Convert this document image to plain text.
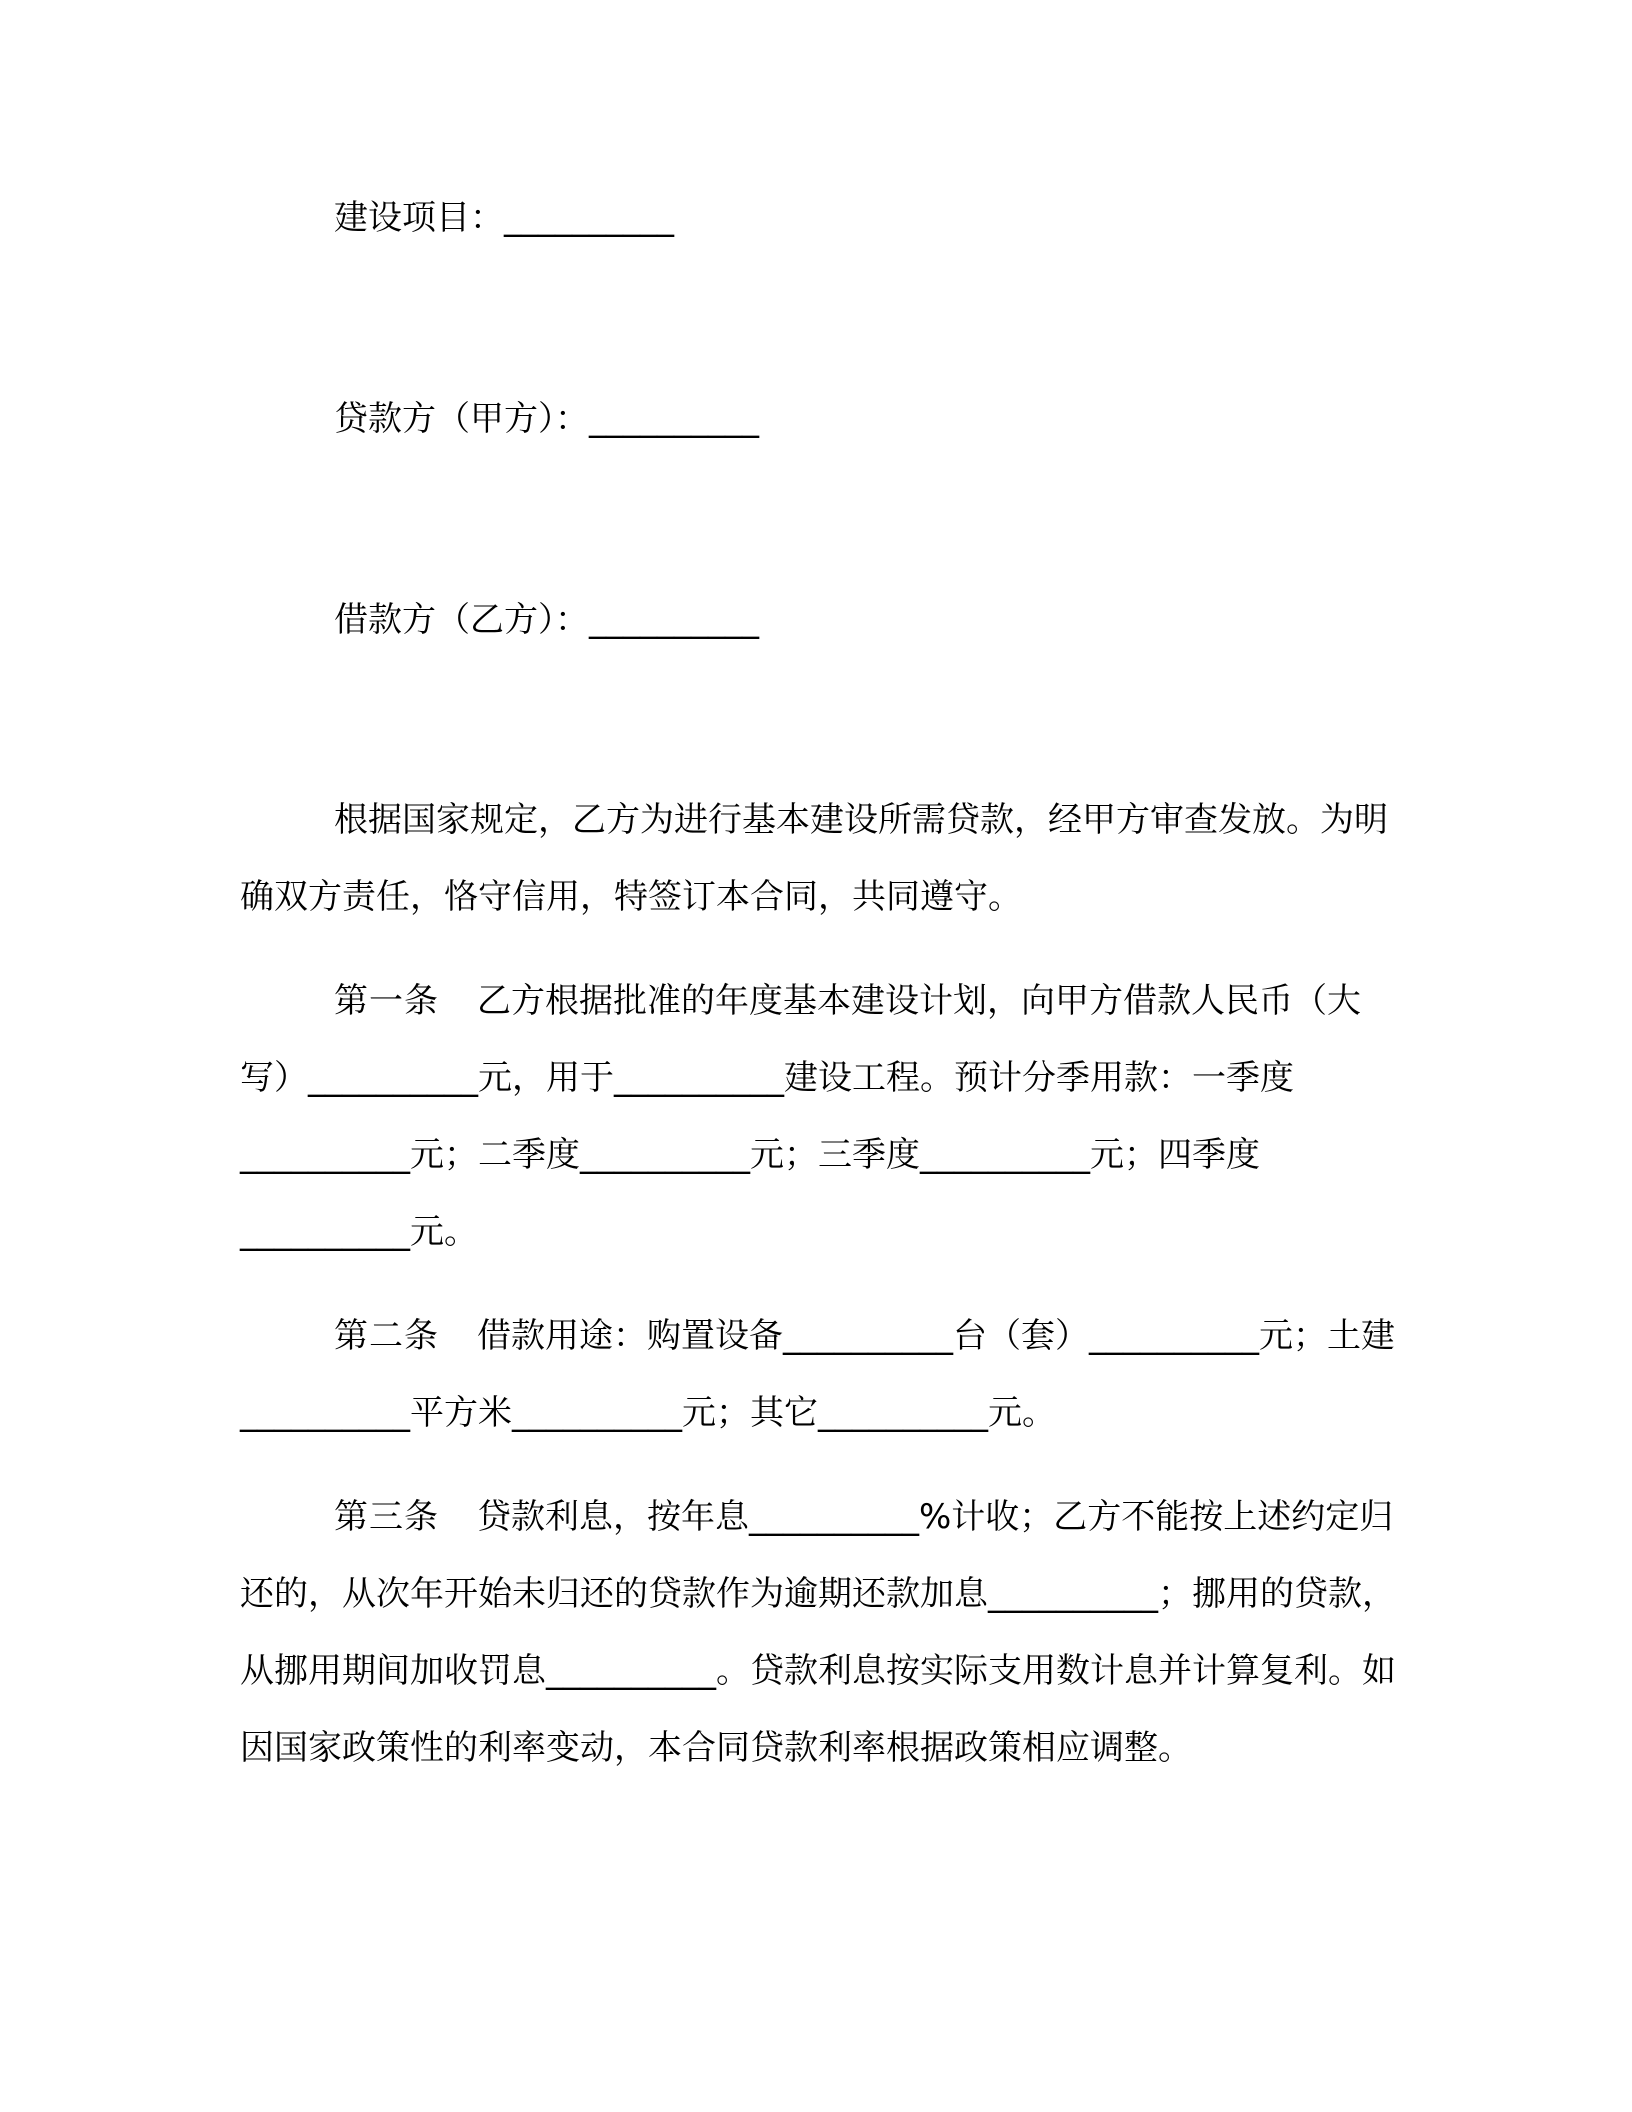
建设项目：__________
贷款方（甲方）：__________
借款方（乙方）：__________

根据国家规定，乙方为进行基本建设所需贷款，经甲方审查发放。为明确双方责任，恪守信用，特签订本合同，共同遵守。

第一条 乙方根据批准的年度基本建设计划，向甲方借款人民币（大写）__________元，用于__________建设工程。预计分季用款：一季度__________元；二季度__________元；三季度__________元；四季度__________元。

第二条 借款用途：购置设备__________台（套）__________元；土建__________平方米__________元；其它__________元。

第三条 贷款利息，按年息__________%计收；乙方不能按上述约定归还的，从次年开始未归还的贷款作为逾期还款加息__________；挪用的贷款，从挪用期间加收罚息__________。贷款利息按实际支用数计息并计算复利。如因国家政策性的利率变动，本合同贷款利率根据政策相应调整。
